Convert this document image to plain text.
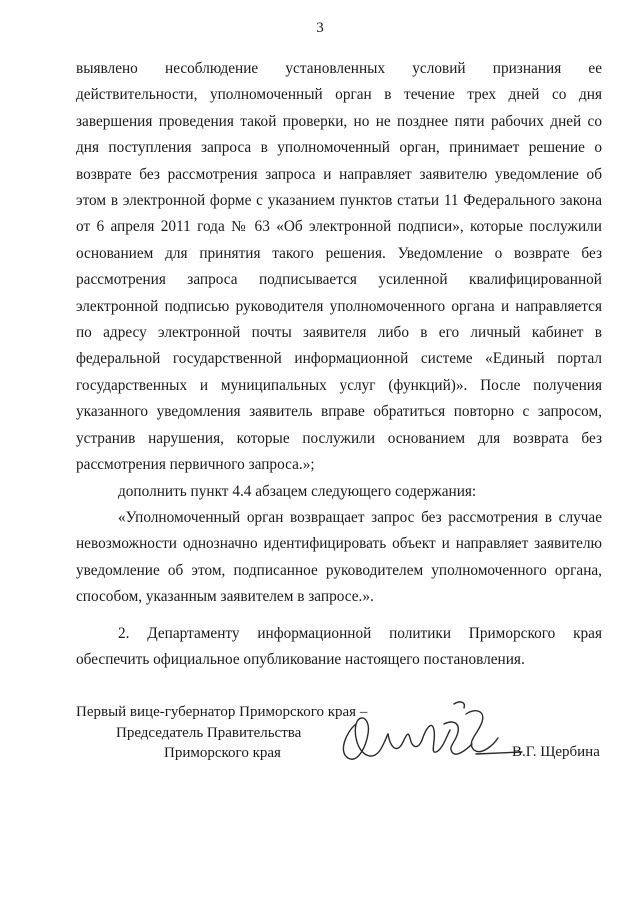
3

выявлено несоблюдение установленных условий признания ее действительности, уполномоченный орган в течение трех дней со дня завершения проведения такой проверки, но не позднее пяти рабочих дней со дня поступления запроса в уполномоченный орган, принимает решение о возврате без рассмотрения запроса и направляет заявителю уведомление об этом в электронной форме с указанием пунктов статьи 11 Федерального закона от 6 апреля 2011 года № 63 «Об электронной подписи», которые послужили основанием для принятия такого решения. Уведомление о возврате без рассмотрения запроса подписывается усиленной квалифицированной электронной подписью руководителя уполномоченного органа и направляется по адресу электронной почты заявителя либо в его личный кабинет в федеральной государственной информационной системе «Единый портал государственных и муниципальных услуг (функций)». После получения указанного уведомления заявитель вправе обратиться повторно с запросом, устранив нарушения, которые послужили основанием для возврата без рассмотрения первичного запроса.»;

дополнить пункт 4.4 абзацем следующего содержания:

«Уполномоченный орган возвращает запрос без рассмотрения в случае невозможности однозначно идентифицировать объект и направляет заявителю уведомление об этом, подписанное руководителем уполномоченного органа, способом, указанным заявителем в запросе.».

2. Департаменту информационной политики Приморского края обеспечить официальное опубликование настоящего постановления.

Первый вице-губернатор Приморского края –
Председатель Правительства
Приморского края	В.Г. Щербина
